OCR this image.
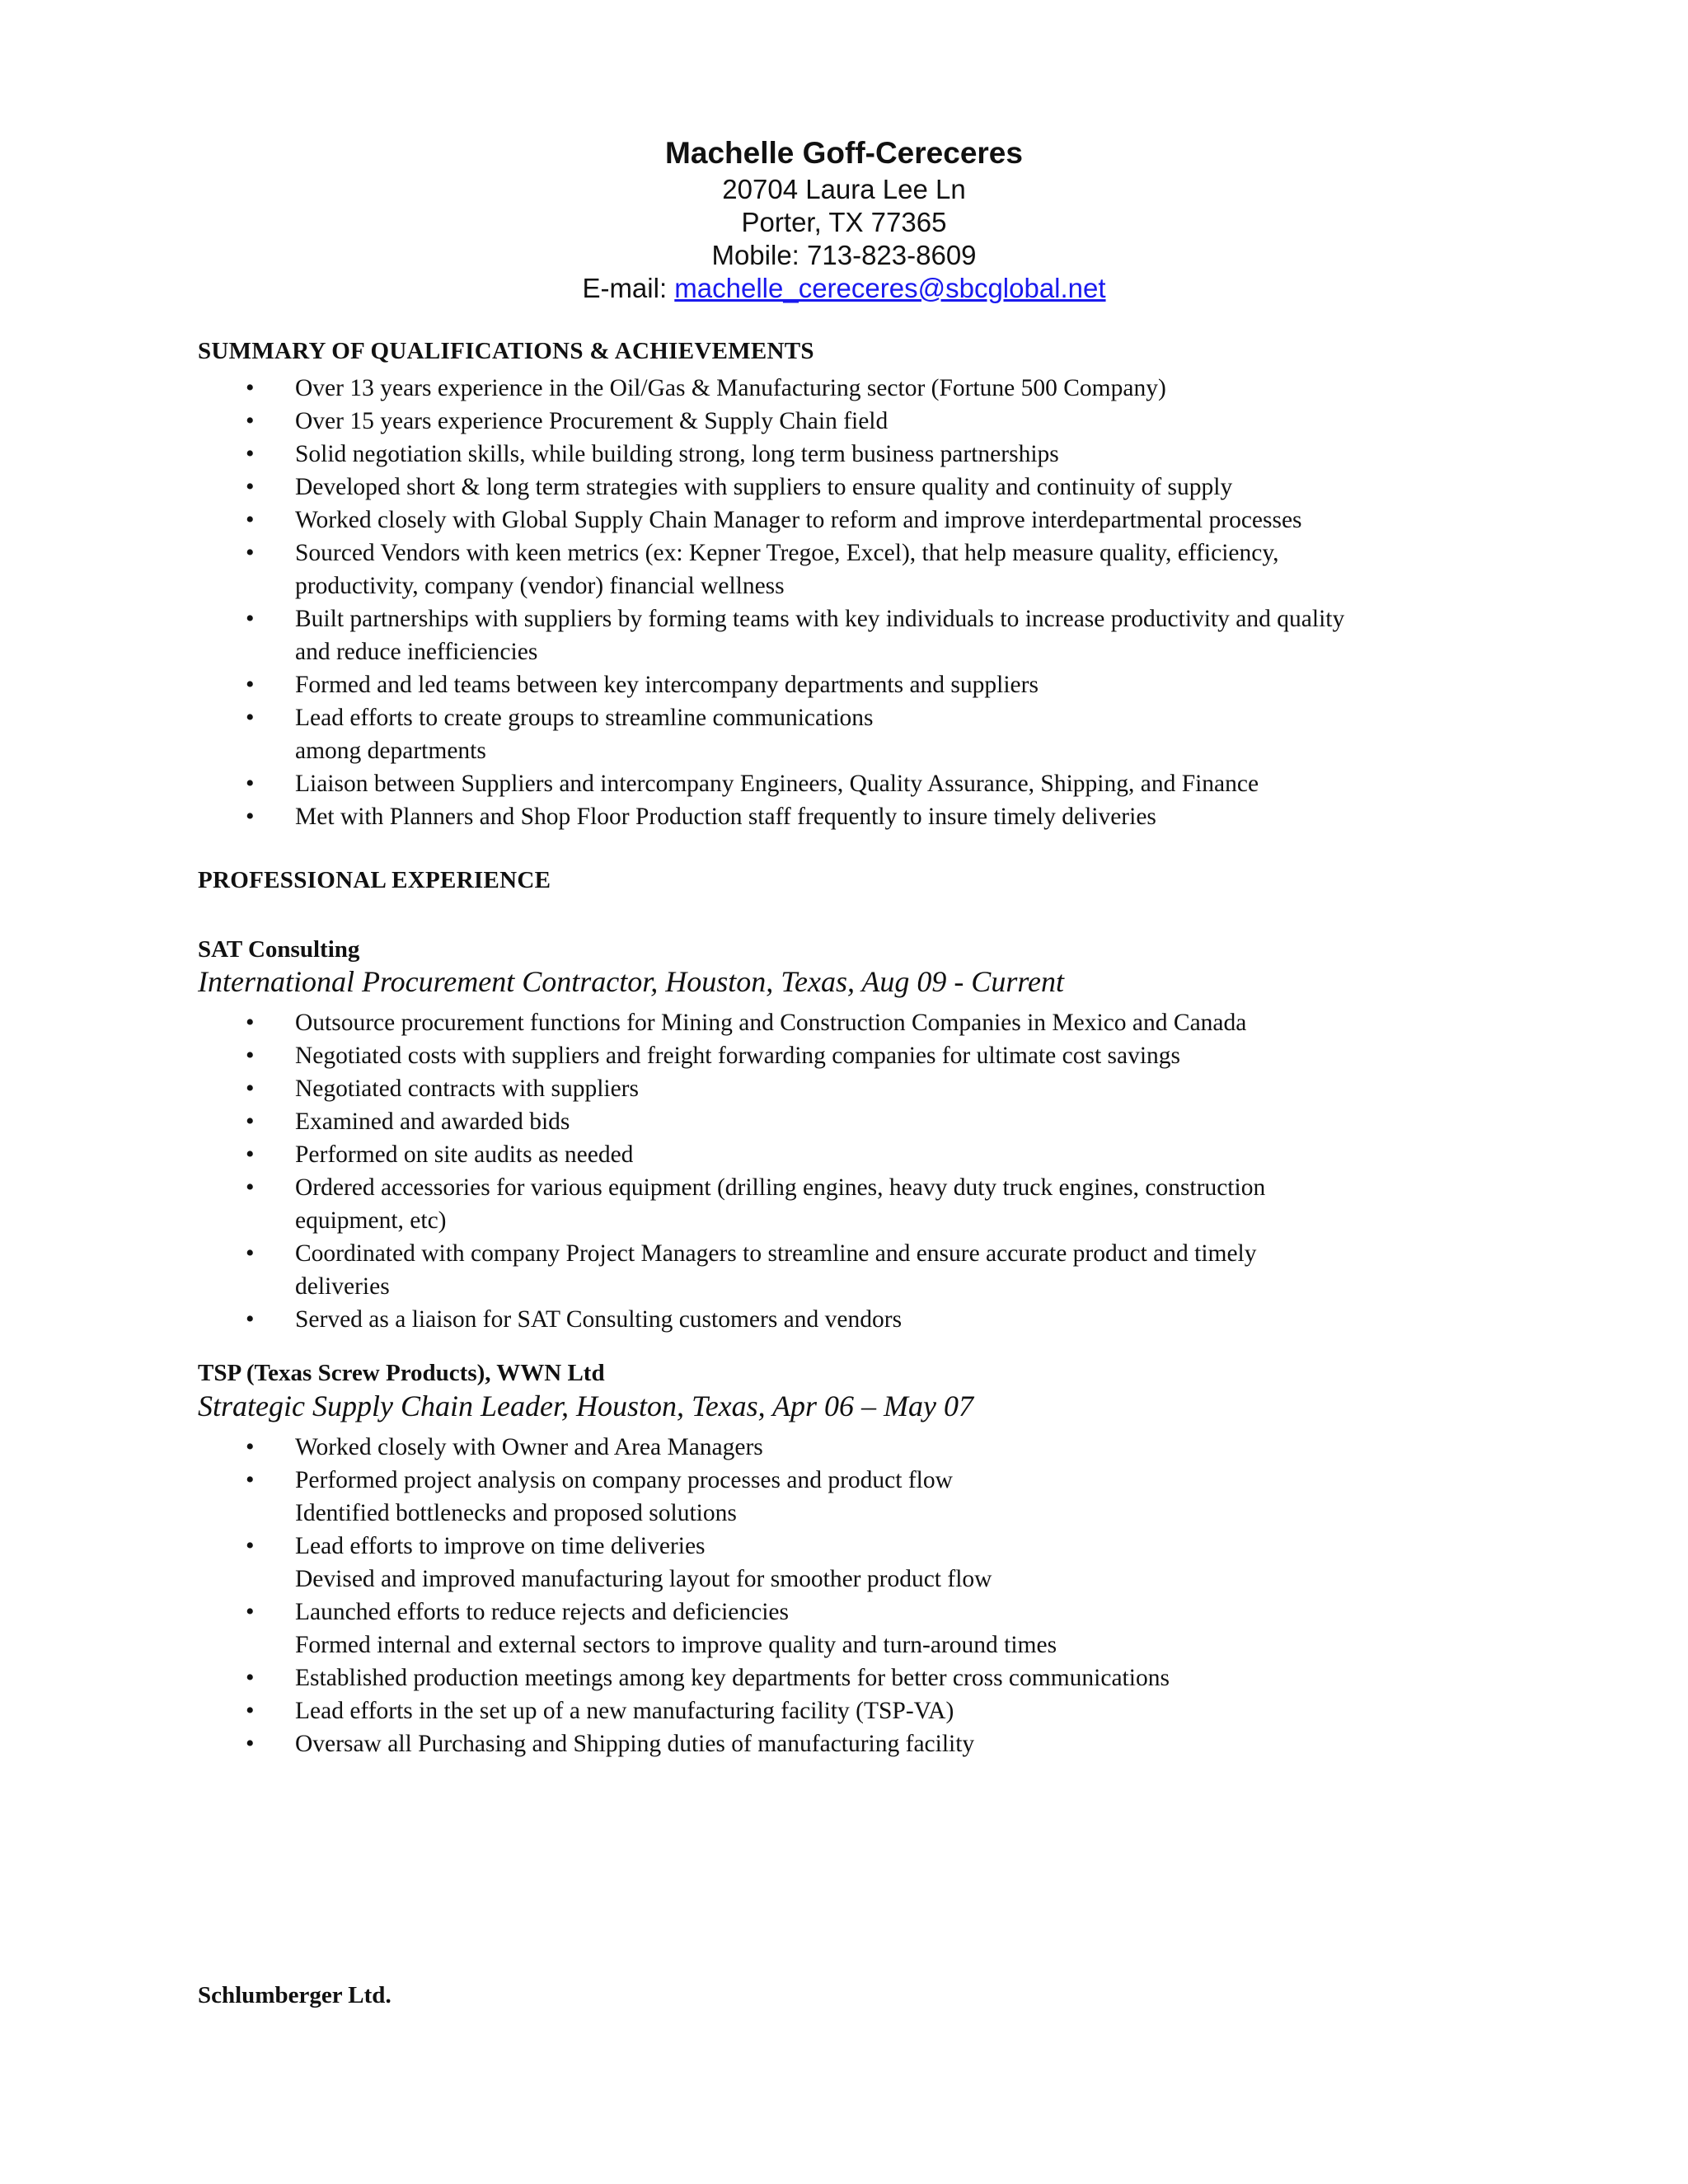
Machelle Goff-Cereceres
20704 Laura Lee Ln
Porter, TX 77365
Mobile: 713-823-8609
E-mail: machelle_cereceres@sbcglobal.net
SUMMARY OF QUALIFICATIONS & ACHIEVEMENTS
• Over 13 years experience in the Oil/Gas & Manufacturing sector (Fortune 500 Company)
• Over 15 years experience Procurement & Supply Chain field
• Solid negotiation skills, while building strong, long term business partnerships
• Developed short & long term strategies with suppliers to ensure quality and continuity of supply
• Worked closely with Global Supply Chain Manager to reform and improve interdepartmental processes
• Sourced Vendors with keen metrics (ex: Kepner Tregoe, Excel), that help measure quality, efficiency,
productivity, company (vendor) financial wellness
• Built partnerships with suppliers by forming teams with key individuals to increase productivity and quality
and reduce inefficiencies
• Formed and led teams between key intercompany departments and suppliers
• Lead efforts to create groups to streamline communications
among departments
• Liaison between Suppliers and intercompany Engineers, Quality Assurance, Shipping, and Finance
• Met with Planners and Shop Floor Production staff frequently to insure timely deliveries
PROFESSIONAL EXPERIENCE
SAT Consulting
International Procurement Contractor, Houston, Texas, Aug 09 - Current
• Outsource procurement functions for Mining and Construction Companies in Mexico and Canada
• Negotiated costs with suppliers and freight forwarding companies for ultimate cost savings
• Negotiated contracts with suppliers
• Examined and awarded bids
• Performed on site audits as needed
• Ordered accessories for various equipment (drilling engines, heavy duty truck engines, construction
equipment, etc)
• Coordinated with company Project Managers to streamline and ensure accurate product and timely
deliveries
• Served as a liaison for SAT Consulting customers and vendors
TSP (Texas Screw Products), WWN Ltd
Strategic Supply Chain Leader, Houston, Texas, Apr 06 – May 07
• Worked closely with Owner and Area Managers
• Performed project analysis on company processes and product flow
Identified bottlenecks and proposed solutions
• Lead efforts to improve on time deliveries
Devised and improved manufacturing layout for smoother product flow
• Launched efforts to reduce rejects and deficiencies
Formed internal and external sectors to improve quality and turn-around times
• Established production meetings among key departments for better cross communications
• Lead efforts in the set up of a new manufacturing facility (TSP-VA)
• Oversaw all Purchasing and Shipping duties of manufacturing facility
Schlumberger Ltd.
